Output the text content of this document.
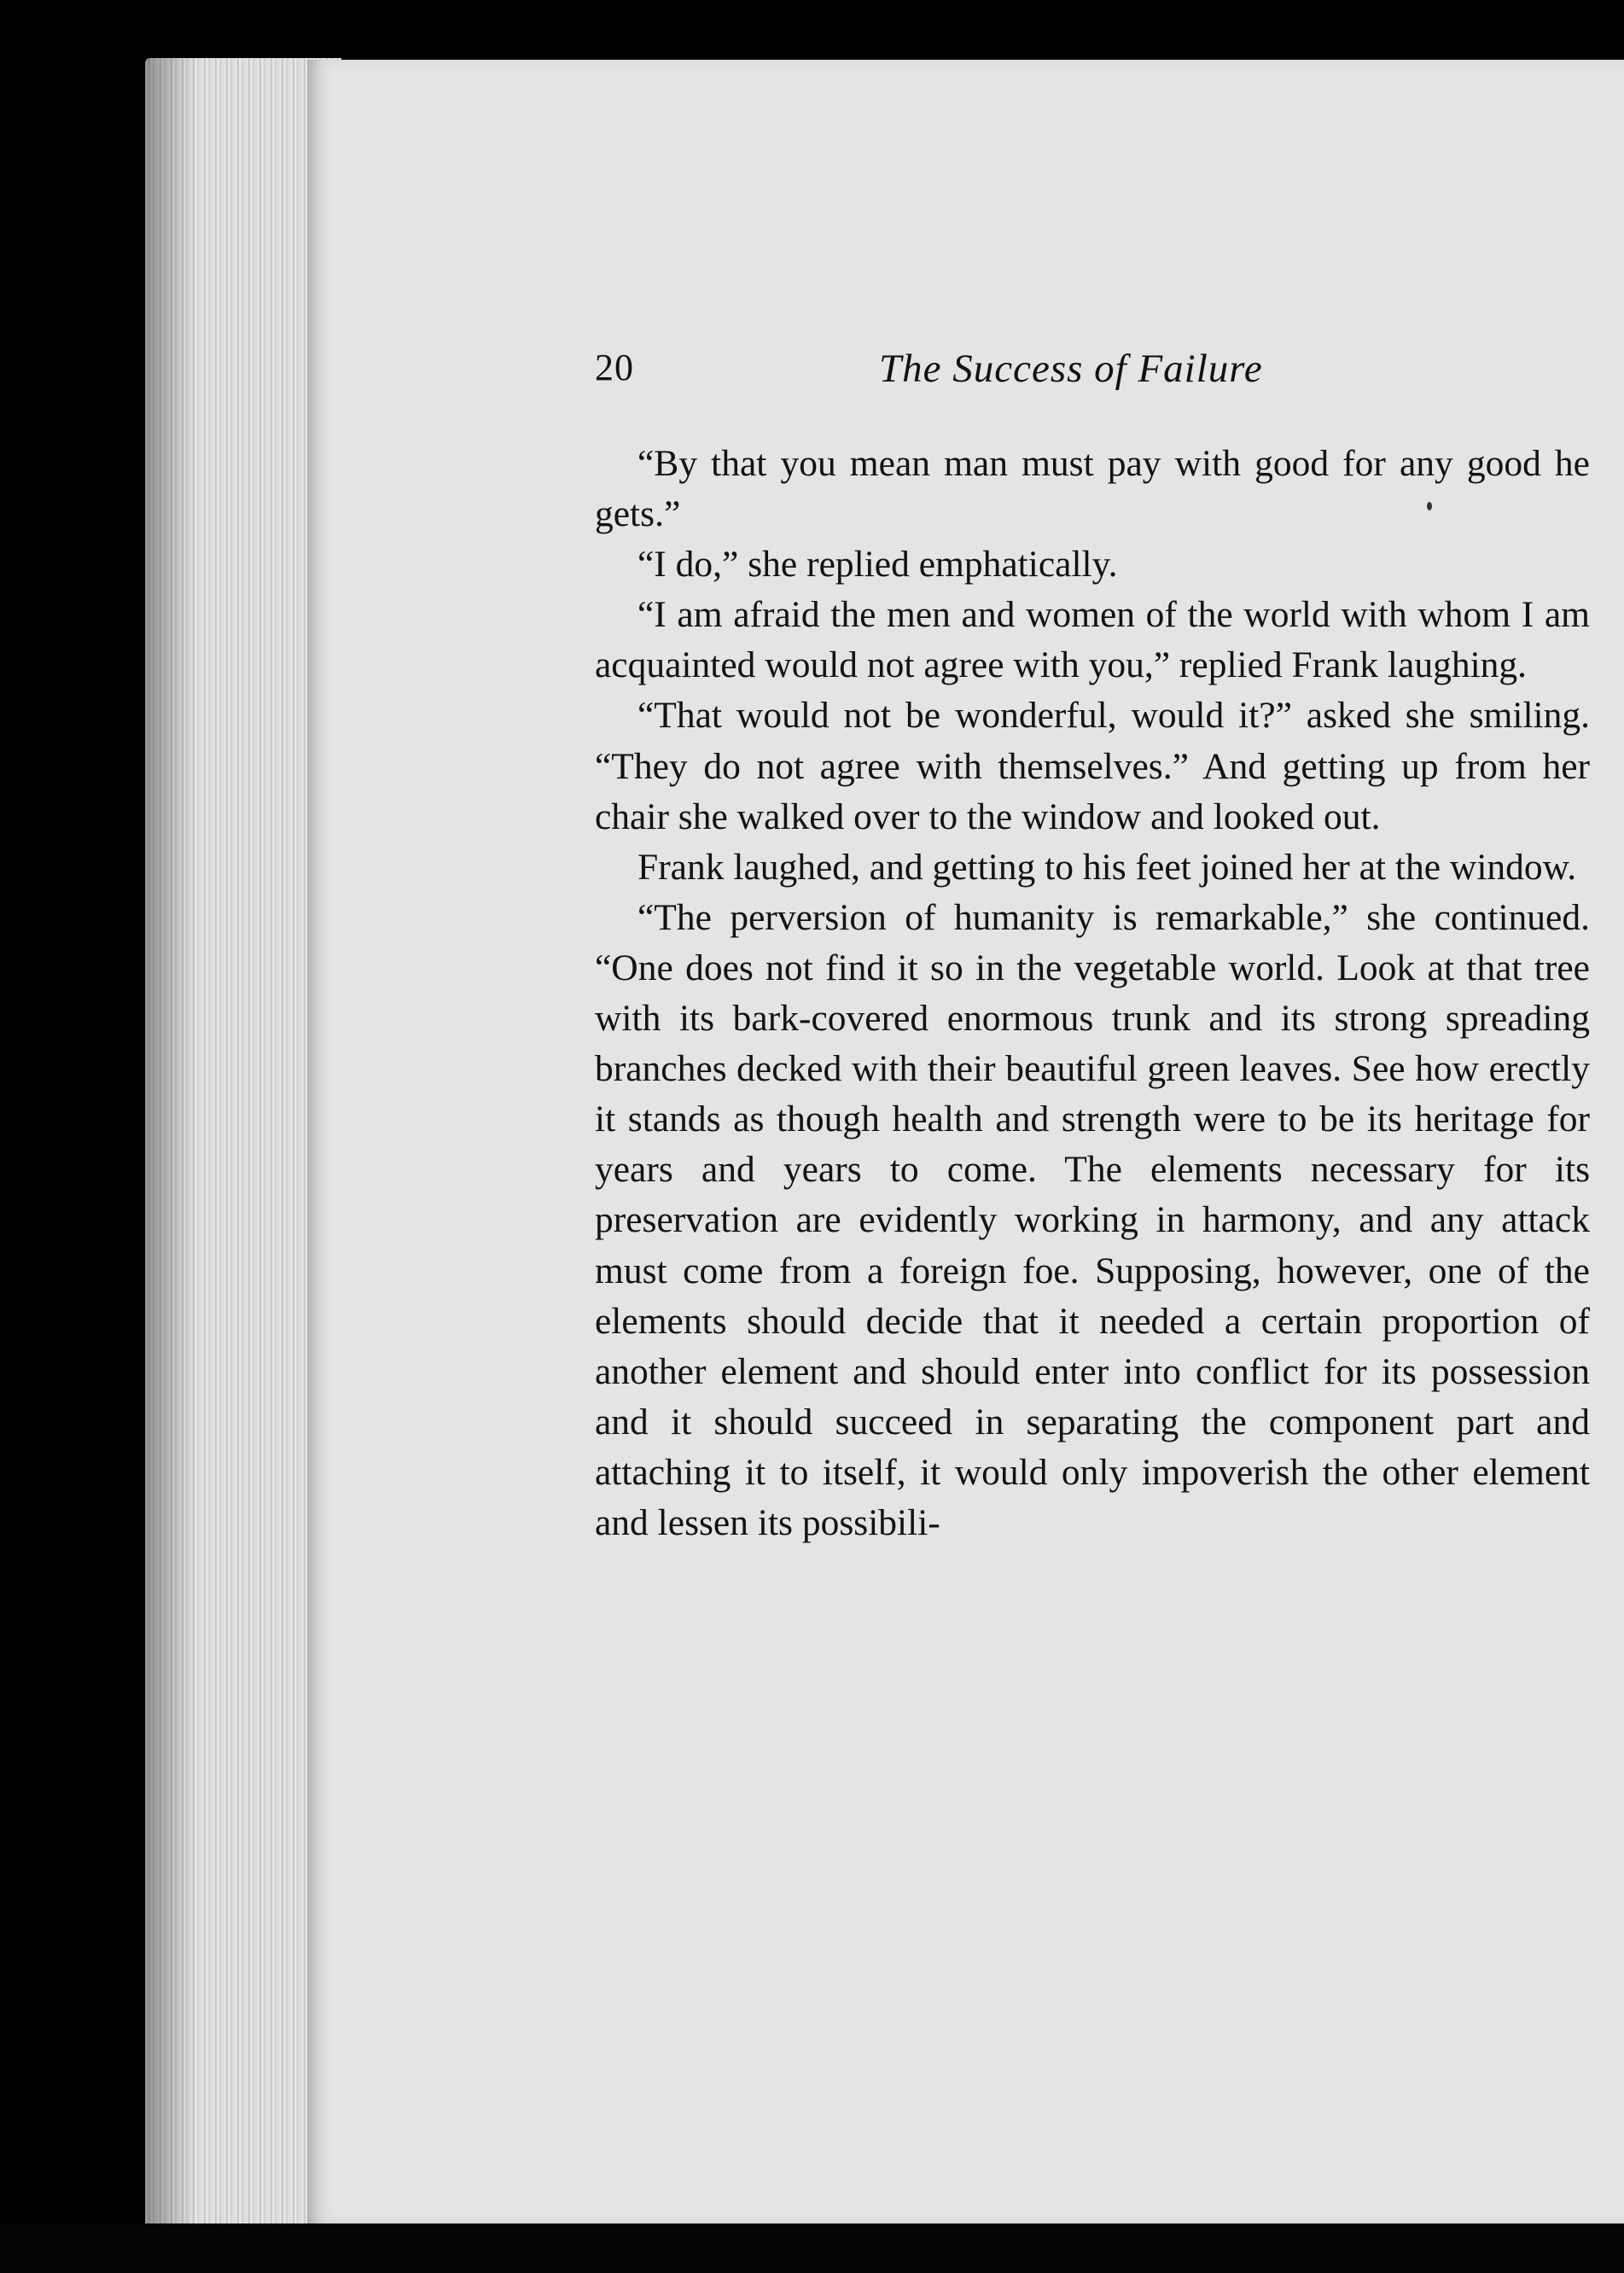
20	The Success of Failure

“By that you mean man must pay with good for any good he gets.”

“I do,” she replied emphatically.

“I am afraid the men and women of the world with whom I am acquainted would not agree with you,” replied Frank laughing.

“That would not be wonderful, would it?” asked she smiling. “They do not agree with themselves.” And getting up from her chair she walked over to the window and looked out.

Frank laughed, and getting to his feet joined her at the window.

“The perversion of humanity is remarkable,” she continued. “One does not find it so in the vegetable world. Look at that tree with its bark-covered enormous trunk and its strong spreading branches decked with their beautiful green leaves. See how erectly it stands as though health and strength were to be its heritage for years and years to come. The elements necessary for its preservation are evidently working in harmony, and any attack must come from a foreign foe. Supposing, however, one of the elements should decide that it needed a certain proportion of another element and should enter into conflict for its possession and it should succeed in separating the component part and attaching it to itself, it would only impoverish the other element and lessen its possibili-
